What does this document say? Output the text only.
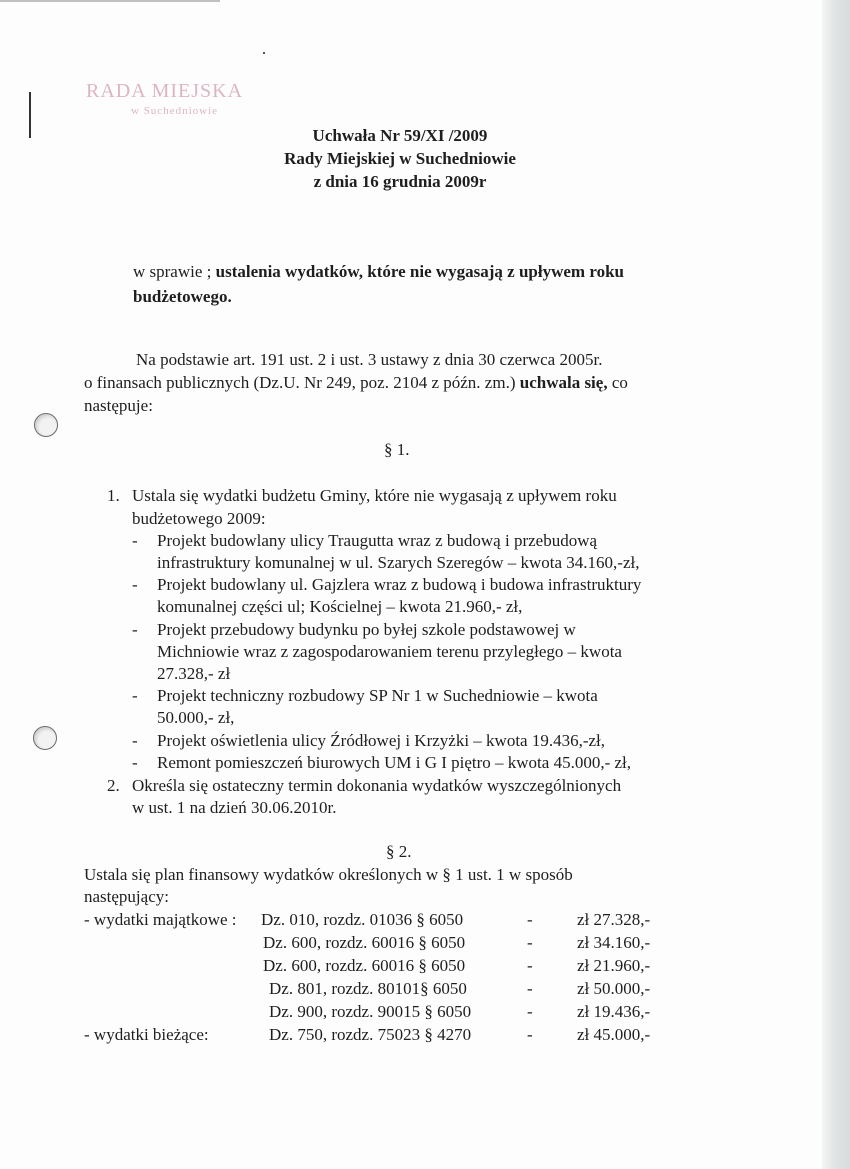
RADA MIEJSKA
w Suchedniowie
Uchwała Nr 59/XI /2009
Rady Miejskiej w Suchedniowie
z dnia 16 grudnia 2009r
w sprawie ; ustalenia wydatków, które nie wygasają z upływem roku
budżetowego.
Na podstawie art. 191 ust. 2 i ust. 3 ustawy z dnia 30 czerwca 2005r.
o finansach publicznych (Dz.U. Nr 249, poz. 2104 z późn. zm.) uchwala się, co
następuje:
§ 1.
1. Ustala się wydatki budżetu Gminy, które nie wygasają z upływem roku
budżetowego 2009:
- Projekt budowlany ulicy Traugutta wraz z budową i przebudową
infrastruktury komunalnej w ul. Szarych Szeregów – kwota 34.160,-zł,
- Projekt budowlany ul. Gajzlera wraz z budową i budowa infrastruktury
komunalnej części ul; Kościelnej – kwota 21.960,- zł,
- Projekt przebudowy budynku po byłej szkole podstawowej w
Michniowie wraz z zagospodarowaniem terenu przyległego – kwota
27.328,- zł
- Projekt techniczny rozbudowy SP Nr 1 w Suchedniowie – kwota
50.000,- zł,
- Projekt oświetlenia ulicy Źródłowej i Krzyżki – kwota 19.436,-zł,
- Remont pomieszczeń biurowych UM i G I piętro – kwota 45.000,- zł,
2. Określa się ostateczny termin dokonania wydatków wyszczególnionych
w ust. 1 na dzień 30.06.2010r.
§ 2.
Ustala się plan finansowy wydatków określonych w § 1 ust. 1 w sposób
następujący:
- wydatki majątkowe : Dz. 010, rozdz. 01036 § 6050	-	zł 27.328,-
Dz. 600, rozdz. 60016 § 6050	-	zł 34.160,-
Dz. 600, rozdz. 60016 § 6050	-	zł 21.960,-
Dz. 801, rozdz. 80101§ 6050	-	zł 50.000,-
Dz. 900, rozdz. 90015 § 6050	-	zł 19.436,-
- wydatki bieżące:	Dz. 750, rozdz. 75023 § 4270	-	zł 45.000,-
